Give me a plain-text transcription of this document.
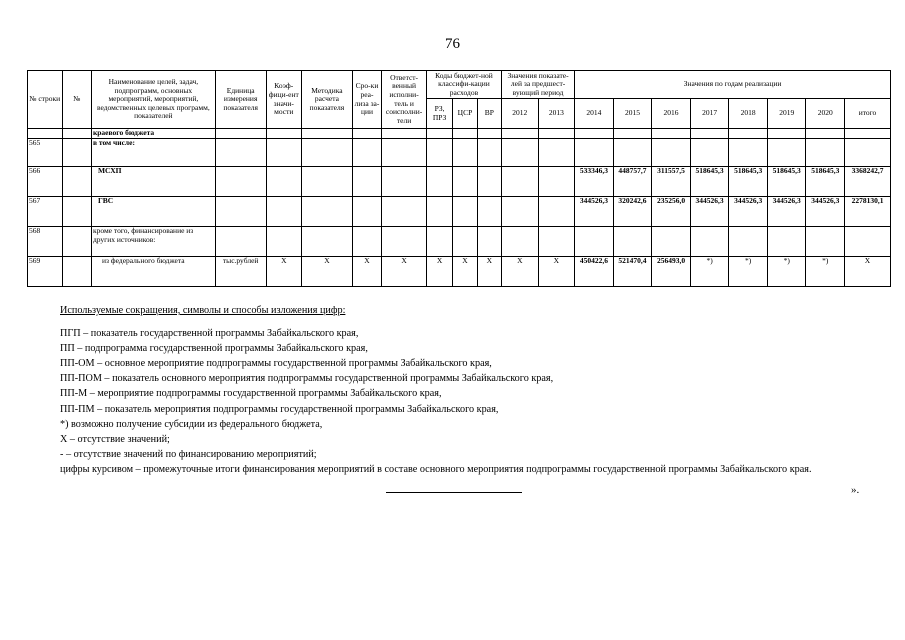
76
№ строки	№	Наименование целей, задач, подпрограмм, основных мероприятий, мероприятий, ведомственных целевых программ, показателей	Единица измерения показателя	Коэф-фици-ент значи-мости	Методика расчета показателя	Сро-ки реа-лиза за-ции	Ответст-венный исполни-тель и соисполни-тели	Коды бюджет-ной классифи-кации расходов			Значения показате-лей за предшест-вующий период		Значения по годам реализации							
								РЗ, ПРЗ	ЦСР	ВР	2012	2013	2014	2015	2016	2017	2018	2019	2020	итого
		краевого бюджета																		
565		в том числе:																		
566		МСХП											533346,3	448757,7	311557,5	518645,3	518645,3	518645,3	518645,3	3368242,7
567		ГВС											344526,3	320242,6	235256,0	344526,3	344526,3	344526,3	344526,3	2278130,1
568		кроме того, финансирование из других источников:																		
569		из федерального бюджета	тыс.рублей	Х	Х	Х	Х	Х	Х	Х	Х	Х	450422,6	521470,4	256493,0	*)	*)	*)	*)	Х
Используемые сокращения, символы и способы изложения цифр:
ПГП – показатель государственной программы Забайкальского края,
ПП – подпрограмма государственной программы Забайкальского края,
ПП-ОМ – основное мероприятие подпрограммы государственной программы Забайкальского края,
ПП-ПОМ – показатель основного мероприятия подпрограммы государственной программы Забайкальского края,
ПП-М – мероприятие подпрограммы государственной программы Забайкальского края,
ПП-ПМ – показатель мероприятия подпрограммы государственной программы Забайкальского края,
*) возможно получение субсидии из федерального бюджета,
Х – отсутствие значений;
- – отсутствие значений по финансированию мероприятий;
цифры курсивом – промежуточные итоги финансирования мероприятий в составе основного мероприятия подпрограммы государственной программы Забайкальского края.
».
